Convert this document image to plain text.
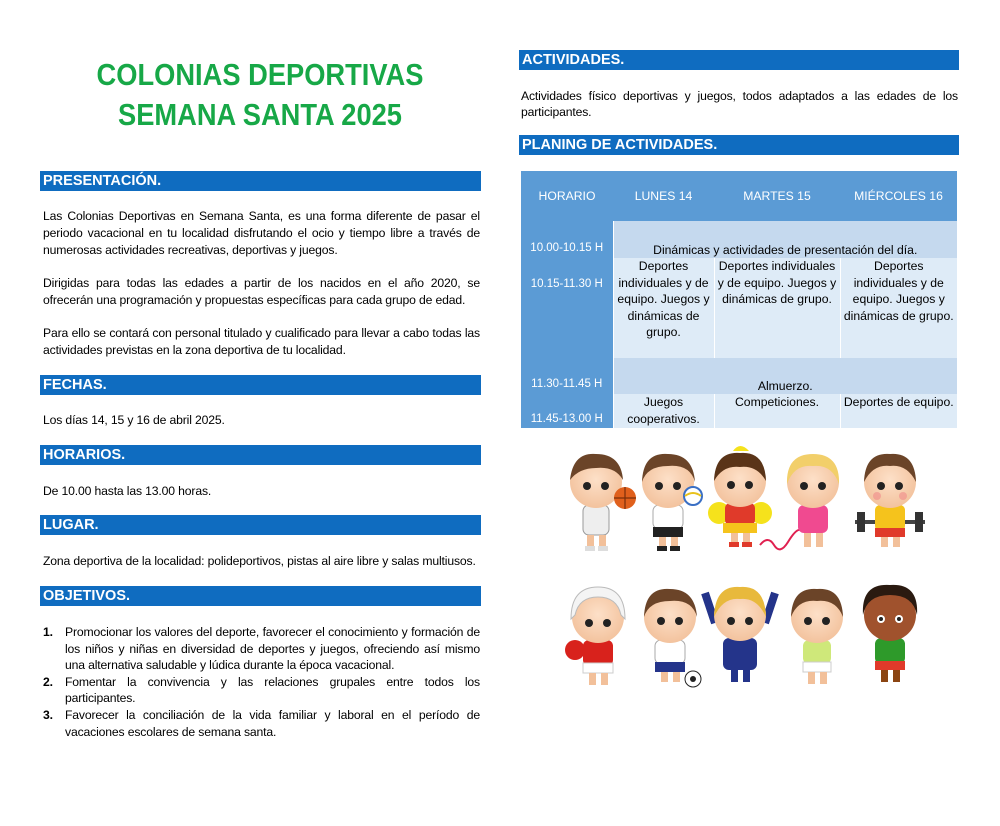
COLONIAS DEPORTIVAS
SEMANA SANTA 2025
PRESENTACIÓN.
Las Colonias Deportivas en Semana Santa, es una forma diferente de pasar el periodo vacacional en tu localidad disfrutando el ocio y tiempo libre a través de numerosas actividades recreativas, deportivas y juegos.
Dirigidas para todas las edades a partir de los nacidos en el año 2020, se ofrecerán una programación y propuestas específicas para cada grupo de edad.
Para ello se contará con personal titulado y cualificado para llevar a cabo todas las actividades previstas en la zona deportiva de tu localidad.
FECHAS.
Los días 14, 15 y 16 de abril 2025.
HORARIOS.
De 10.00 hasta las 13.00 horas.
LUGAR.
Zona deportiva de la localidad: polideportivos, pistas al aire libre y salas multiusos.
OBJETIVOS.
1. Promocionar los valores del deporte, favorecer el conocimiento y formación de los niños y niñas en diversidad de deportes y juegos, ofreciendo así mismo una alternativa saludable y lúdica durante la época vacacional.
2. Fomentar la convivencia y las relaciones grupales entre todos los participantes.
3. Favorecer la conciliación de la vida familiar y laboral en el período de vacaciones escolares de semana santa.
ACTIVIDADES.
Actividades físico deportivas y juegos, todos adaptados a las edades de los participantes.
PLANING DE ACTIVIDADES.
HORARIO	LUNES 14	MARTES 15	MIÉRCOLES 16
10.00-10.15 H	Dinámicas y actividades de presentación del día.		
10.15-11.30 H	Deportes individuales y de equipo. Juegos y dinámicas de grupo.	Deportes individuales y de equipo. Juegos y dinámicas de grupo.	Deportes individuales y de equipo. Juegos y dinámicas de grupo.
11.30-11.45 H	Almuerzo.		
11.45-13.00 H	Juegos cooperativos.	Competiciones.	Deportes de equipo.
